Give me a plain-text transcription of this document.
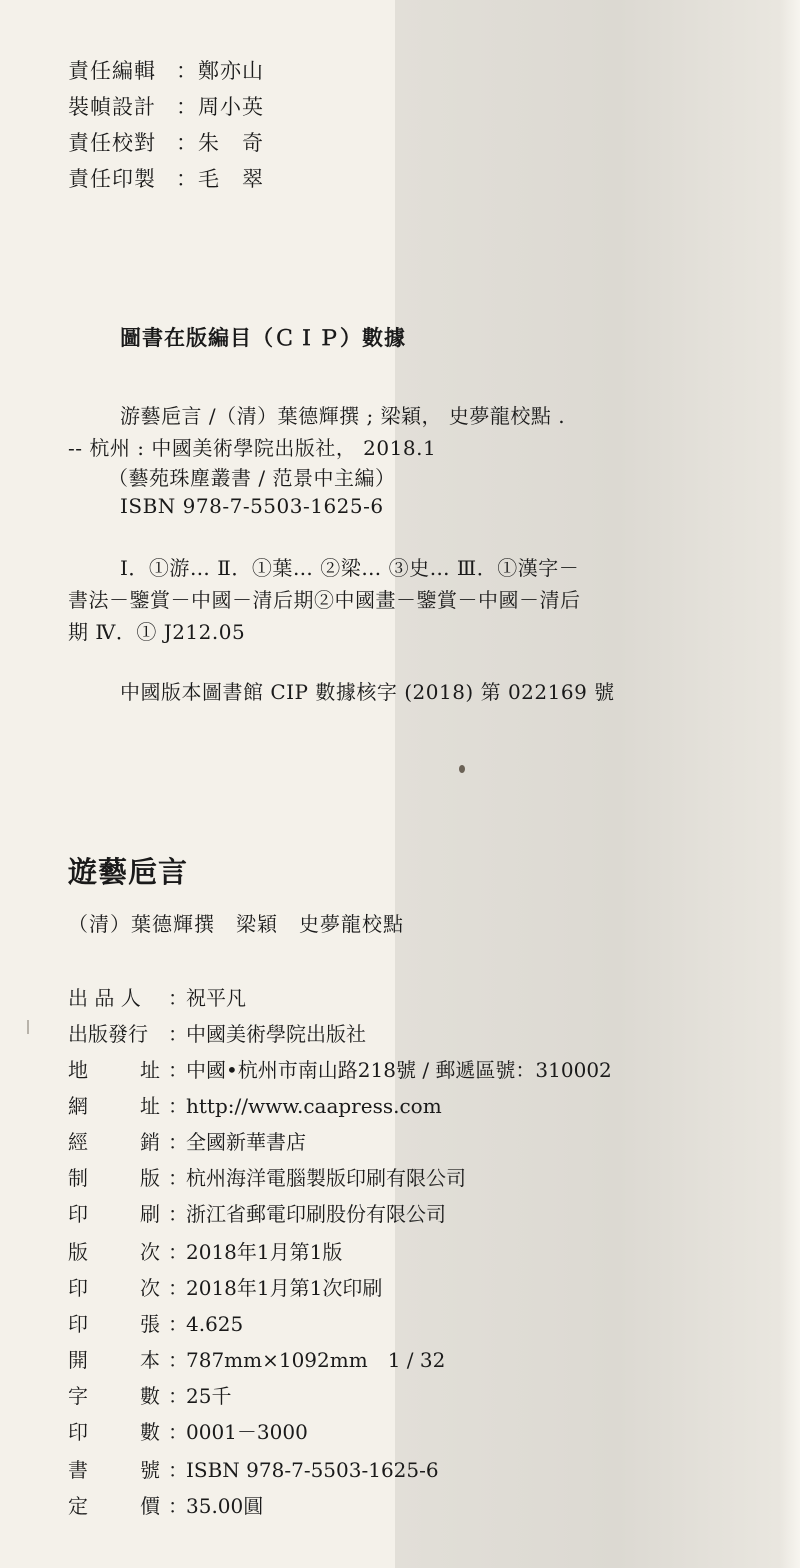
責任編輯 ：鄭亦山
裝幀設計 ：周小英
責任校對 ：朱　奇
責任印製 ：毛　翠
圖書在版編目（ＣＩＰ）數據
游藝巵言 /（清）葉德輝撰 ; 梁穎， 史夢龍校點 .
-- 杭州 : 中國美術學院出版社， 2018.1
（藝苑珠塵叢書 / 范景中主編）
ISBN 978-7-5503-1625-6
Ⅰ．①游… Ⅱ．①葉… ②梁… ③史… Ⅲ．①漢字－
書法－鑒賞－中國－清后期②中國畫－鑒賞－中國－清后
期 Ⅳ．① J212.05
中國版本圖書館 CIP 數據核字 (2018) 第 022169 號
遊藝巵言
（清）葉德輝撰　梁穎　史夢龍校點
出 品 人 ：祝平凡
出版發行 ：中國美術學院出版社
地	址 ：中國•杭州市南山路218號 / 郵遞區號：310002
網	址 ：http://www.caapress.com
經	銷 ：全國新華書店
制	版 ：杭州海洋電腦製版印刷有限公司
印	刷 ：浙江省郵電印刷股份有限公司
版	次 ：2018年1月第1版
印	次 ：2018年1月第1次印刷
印	張 ：4.625
開	本 ：787mm×1092mm　1 / 32
字	數 ：25千
印	數 ：0001－3000
書	號 ：ISBN 978-7-5503-1625-6
定	價 ：35.00圓
